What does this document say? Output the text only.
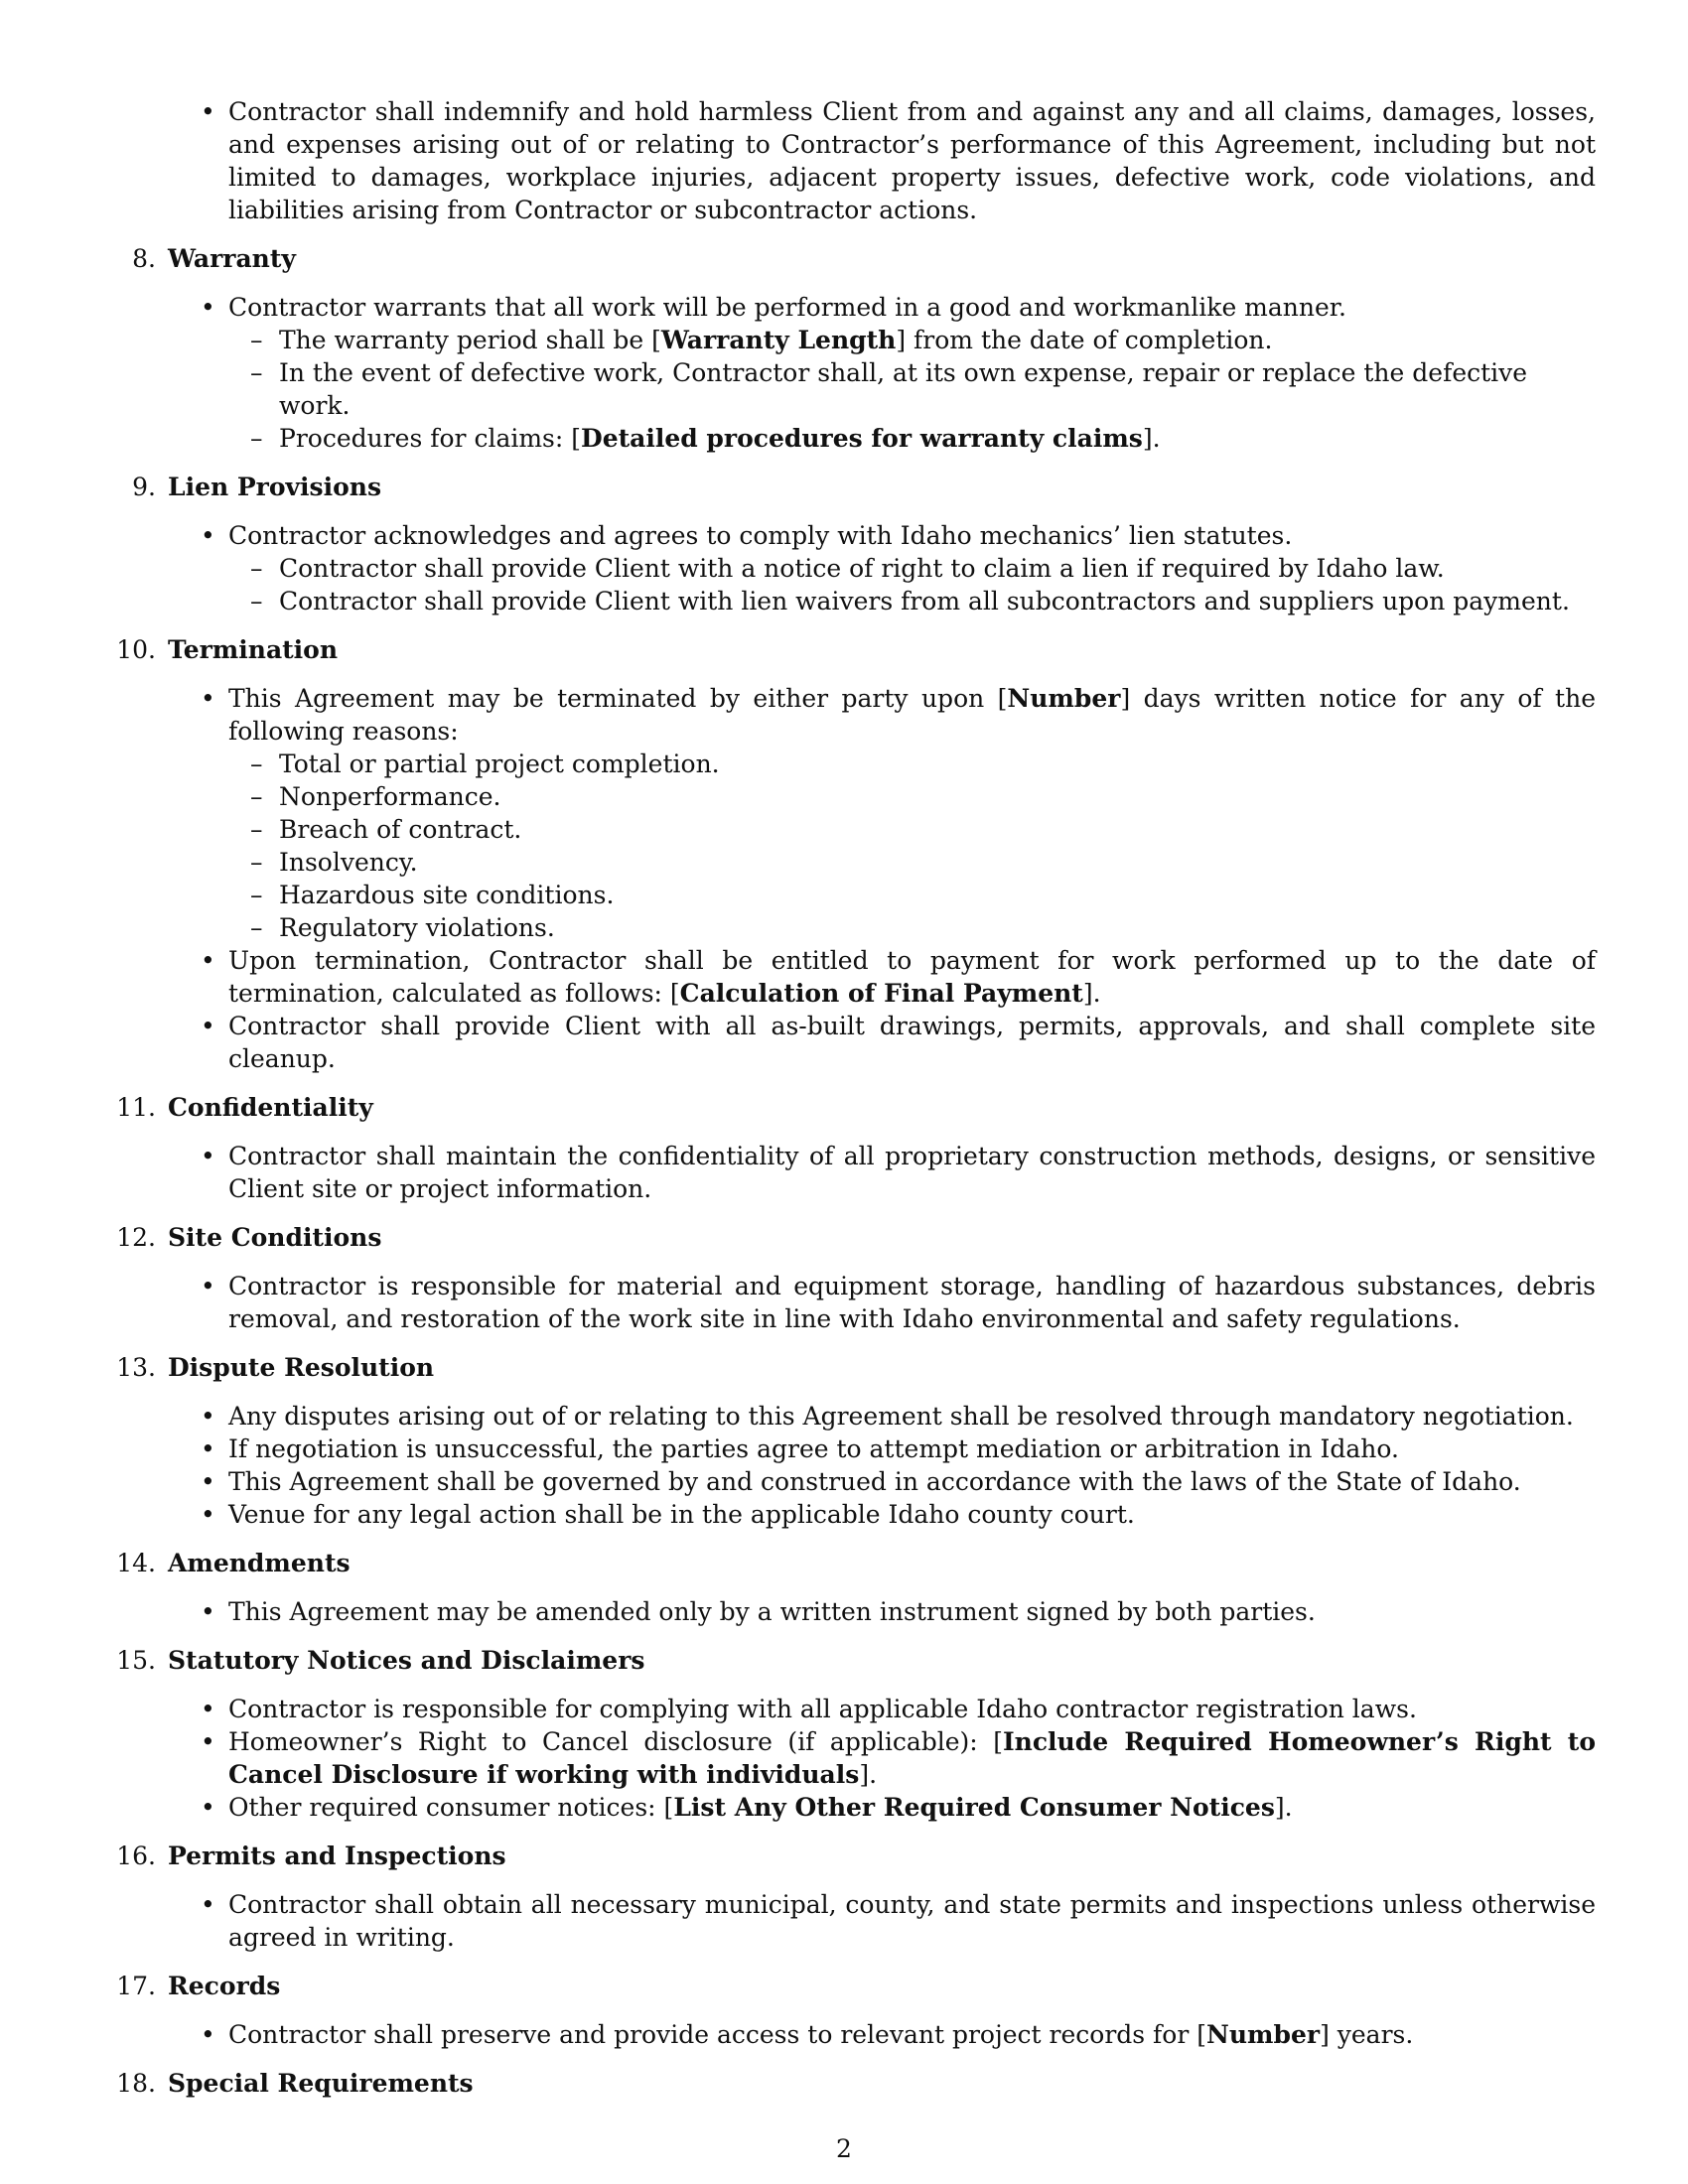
• Contractor shall indemnify and hold harmless Client from and against any and all claims, damages, losses, and expenses arising out of or relating to Contractor’s performance of this Agreement, including but not limited to damages, workplace injuries, adjacent property issues, defective work, code violations, and liabilities arising from Contractor or subcontractor actions.
8. Warranty
• Contractor warrants that all work will be performed in a good and workmanlike manner.
– The warranty period shall be [Warranty Length] from the date of completion.
– In the event of defective work, Contractor shall, at its own expense, repair or replace the defective work.
– Procedures for claims: [Detailed procedures for warranty claims].
9. Lien Provisions
• Contractor acknowledges and agrees to comply with Idaho mechanics’ lien statutes.
– Contractor shall provide Client with a notice of right to claim a lien if required by Idaho law.
– Contractor shall provide Client with lien waivers from all subcontractors and suppliers upon payment.
10. Termination
• This Agreement may be terminated by either party upon [Number] days written notice for any of the following reasons:
– Total or partial project completion.
– Nonperformance.
– Breach of contract.
– Insolvency.
– Hazardous site conditions.
– Regulatory violations.
• Upon termination, Contractor shall be entitled to payment for work performed up to the date of termination, calculated as follows: [Calculation of Final Payment].
• Contractor shall provide Client with all as-built drawings, permits, approvals, and shall complete site cleanup.
11. Confidentiality
• Contractor shall maintain the confidentiality of all proprietary construction methods, designs, or sensitive Client site or project information.
12. Site Conditions
• Contractor is responsible for material and equipment storage, handling of hazardous substances, debris removal, and restoration of the work site in line with Idaho environmental and safety regulations.
13. Dispute Resolution
• Any disputes arising out of or relating to this Agreement shall be resolved through mandatory negotiation.
• If negotiation is unsuccessful, the parties agree to attempt mediation or arbitration in Idaho.
• This Agreement shall be governed by and construed in accordance with the laws of the State of Idaho.
• Venue for any legal action shall be in the applicable Idaho county court.
14. Amendments
• This Agreement may be amended only by a written instrument signed by both parties.
15. Statutory Notices and Disclaimers
• Contractor is responsible for complying with all applicable Idaho contractor registration laws.
• Homeowner’s Right to Cancel disclosure (if applicable): [Include Required Homeowner’s Right to Cancel Disclosure if working with individuals].
• Other required consumer notices: [List Any Other Required Consumer Notices].
16. Permits and Inspections
• Contractor shall obtain all necessary municipal, county, and state permits and inspections unless otherwise agreed in writing.
17. Records
• Contractor shall preserve and provide access to relevant project records for [Number] years.
18. Special Requirements
2
